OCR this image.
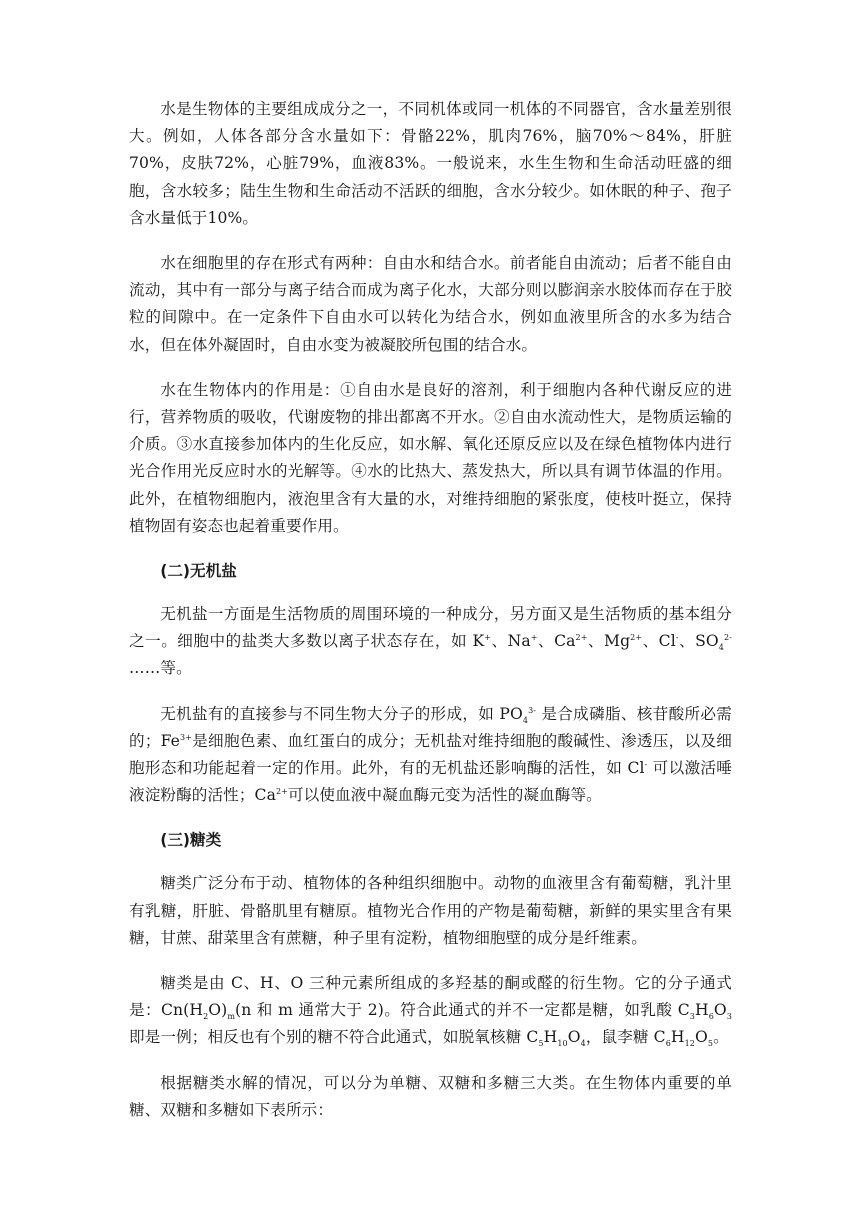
水是生物体的主要组成成分之一，不同机体或同一机体的不同器官，含水量差别很大。例如，人体各部分含水量如下：骨骼22%，肌肉76%，脑70%～84%，肝脏70%，皮肤72%，心脏79%，血液83%。一般说来，水生生物和生命活动旺盛的细胞，含水较多；陆生生物和生命活动不活跃的细胞，含水分较少。如休眠的种子、孢子含水量低于10%。

水在细胞里的存在形式有两种：自由水和结合水。前者能自由流动；后者不能自由流动，其中有一部分与离子结合而成为离子化水，大部分则以膨润亲水胶体而存在于胶粒的间隙中。在一定条件下自由水可以转化为结合水，例如血液里所含的水多为结合水，但在体外凝固时，自由水变为被凝胶所包围的结合水。

水在生物体内的作用是：①自由水是良好的溶剂，利于细胞内各种代谢反应的进行，营养物质的吸收，代谢废物的排出都离不开水。②自由水流动性大，是物质运输的介质。③水直接参加体内的生化反应，如水解、氧化还原反应以及在绿色植物体内进行光合作用光反应时水的光解等。④水的比热大、蒸发热大，所以具有调节体温的作用。此外，在植物细胞内，液泡里含有大量的水，对维持细胞的紧张度，使枝叶挺立，保持植物固有姿态也起着重要作用。

(二)无机盐

无机盐一方面是生活物质的周围环境的一种成分，另方面又是生活物质的基本组分之一。细胞中的盐类大多数以离子状态存在，如 K+、Na+、$Ca^{2+}$、$Mg^{2+}$、Cl-、$SO_4^{2-}$ ……等。

无机盐有的直接参与不同生物大分子的形成，如 $PO_4^{3-}$ 是合成磷脂、核苷酸所必需的；$Fe^{3+}$是细胞色素、血红蛋白的成分；无机盐对维持细胞的酸碱性、渗透压，以及细胞形态和功能起着一定的作用。此外，有的无机盐还影响酶的活性，如 Cl- 可以激活唾液淀粉酶的活性；$Ca^{2+}$可以使血液中凝血酶元变为活性的凝血酶等。

(三)糖类

糖类广泛分布于动、植物体的各种组织细胞中。动物的血液里含有葡萄糖，乳汁里有乳糖，肝脏、骨骼肌里有糖原。植物光合作用的产物是葡萄糖，新鲜的果实里含有果糖，甘蔗、甜菜里含有蔗糖，种子里有淀粉，植物细胞壁的成分是纤维素。

糖类是由 C、H、O 三种元素所组成的多羟基的酮或醛的衍生物。它的分子通式是：$Cn(H_2O)_m(n$ 和 m 通常大于 2)。符合此通式的并不一定都是糖，如乳酸 $C_3H_6O_3$ 即是一例；相反也有个别的糖不符合此通式，如脱氧核糖 $C_5H_{10}O_4$，鼠李糖 $C_6H_{12}O_5$。

根据糖类水解的情况，可以分为单糖、双糖和多糖三大类。在生物体内重要的单糖、双糖和多糖如下表所示：
